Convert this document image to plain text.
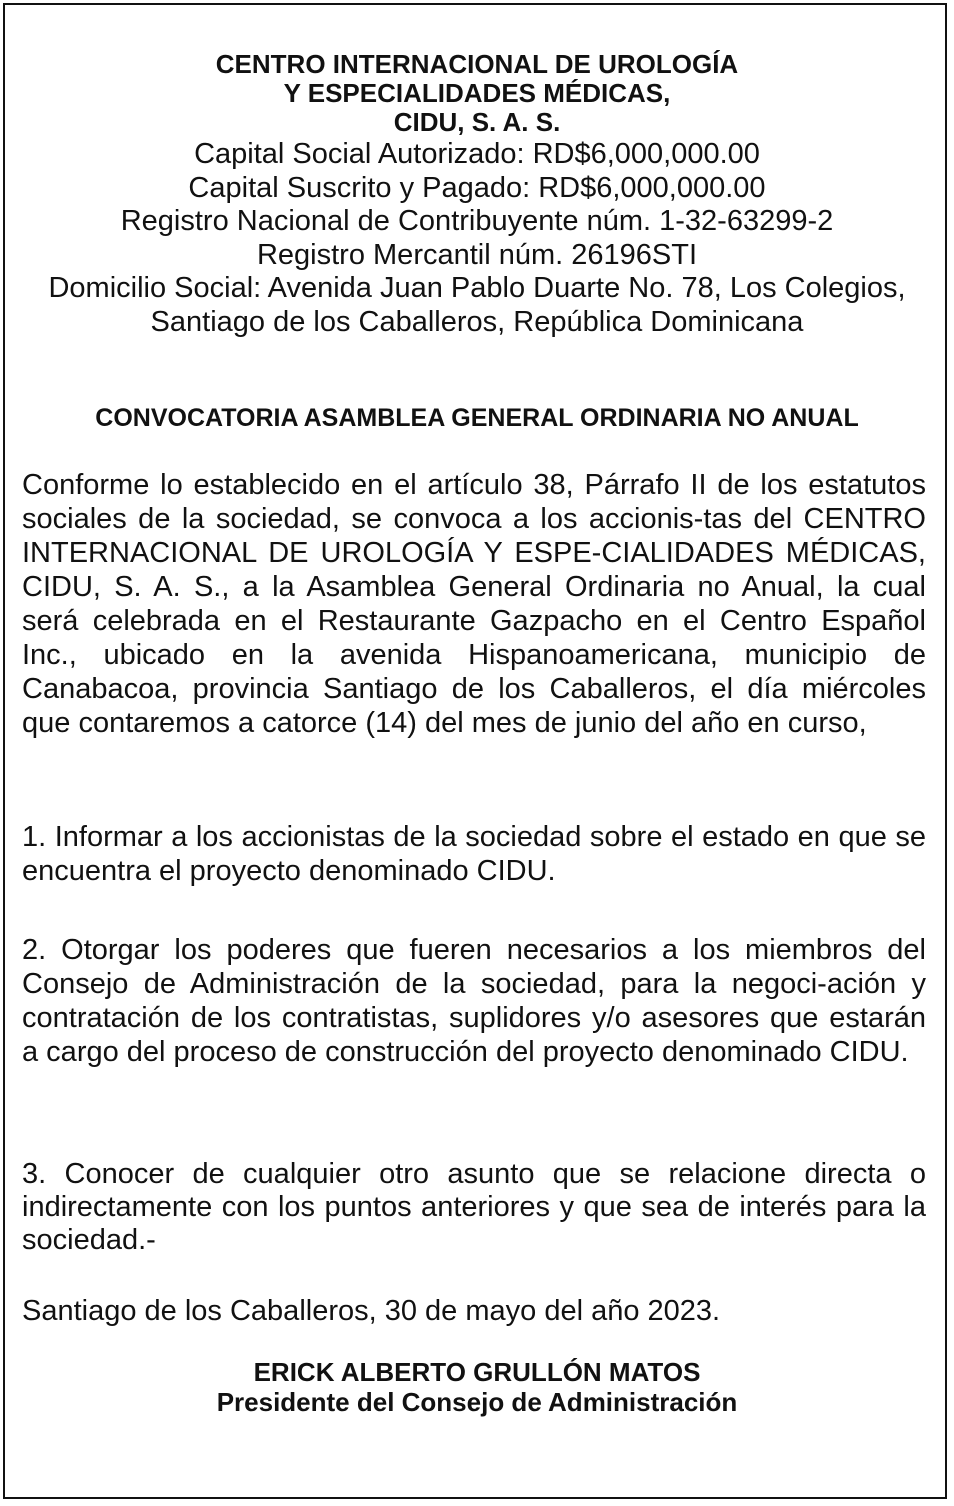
CENTRO INTERNACIONAL DE UROLOGÍA
Y ESPECIALIDADES MÉDICAS,
CIDU, S. A. S.
Capital Social Autorizado: RD$6,000,000.00
Capital Suscrito y Pagado: RD$6,000,000.00
Registro Nacional de Contribuyente núm. 1-32-63299-2
Registro Mercantil núm. 26196STI
Domicilio Social: Avenida Juan Pablo Duarte No. 78, Los Colegios,
Santiago de los Caballeros, República Dominicana
CONVOCATORIA ASAMBLEA GENERAL ORDINARIA NO ANUAL

Conforme lo establecido en el artículo 38, Párrafo II de los estatutos sociales de la sociedad, se convoca a los accionis-tas del CENTRO INTERNACIONAL DE UROLOGÍA Y ESPE-CIALIDADES MÉDICAS, CIDU, S. A. S., a la Asamblea General Ordinaria no Anual, la cual será celebrada en el Restaurante Gazpacho en el Centro Español Inc., ubicado en la avenida Hispanoamericana, municipio de Canabacoa, provincia Santiago de los Caballeros, el día miércoles que contaremos a catorce (14) del mes de junio del año en curso,

1. Informar a los accionistas de la sociedad sobre el estado en que se encuentra el proyecto denominado CIDU.

2. Otorgar los poderes que fueren necesarios a los miembros del Consejo de Administración de la sociedad, para la negoci-ación y contratación de los contratistas, suplidores y/o asesores que estarán a cargo del proceso de construcción del proyecto denominado CIDU.

3. Conocer de cualquier otro asunto que se relacione directa o indirectamente con los puntos anteriores y que sea de interés para la sociedad.-

Santiago de los Caballeros, 30 de mayo del año 2023.

ERICK ALBERTO GRULLÓN MATOS
Presidente del Consejo de Administración
